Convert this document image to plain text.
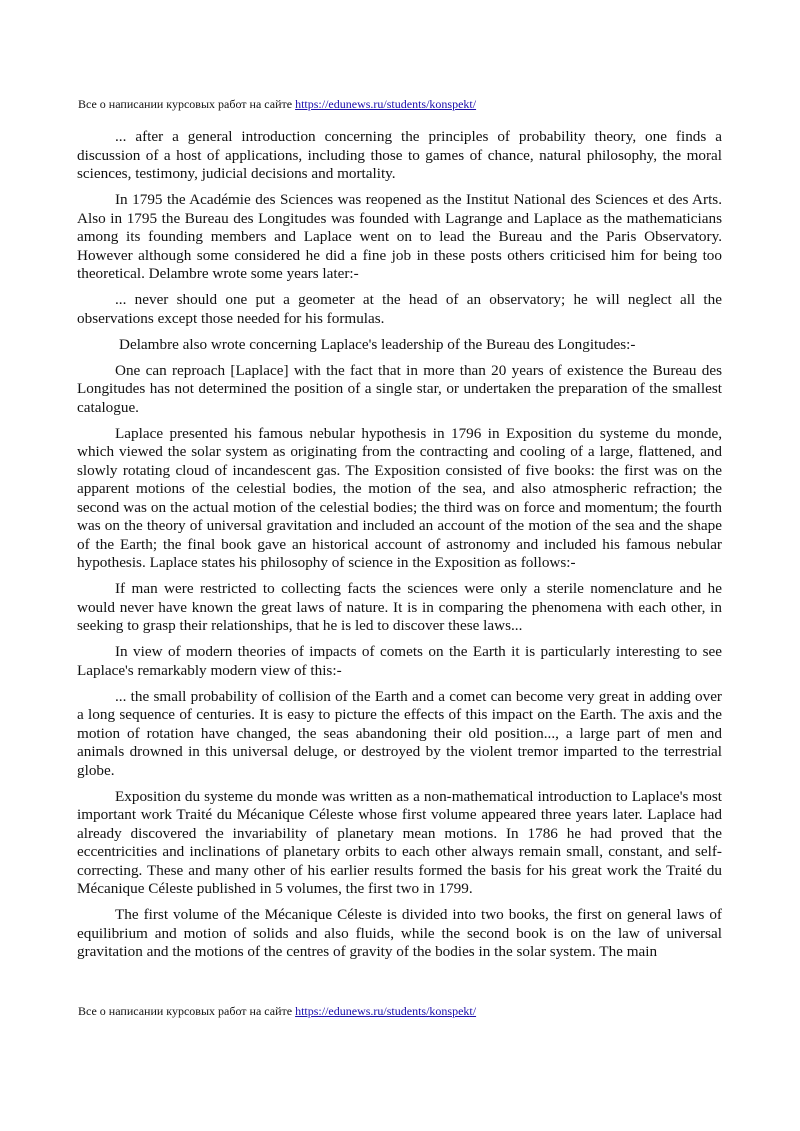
Все о написании курсовых работ на сайте https://edunews.ru/students/konspekt/

... after a general introduction concerning the principles of probability theory, one finds a discussion of a host of applications, including those to games of chance, natural philosophy, the moral sciences, testimony, judicial decisions and mortality.

In 1795 the Académie des Sciences was reopened as the Institut National des Sciences et des Arts. Also in 1795 the Bureau des Longitudes was founded with Lagrange and Laplace as the mathematicians among its founding members and Laplace went on to lead the Bureau and the Paris Observatory. However although some considered he did a fine job in these posts others criticised him for being too theoretical. Delambre wrote some years later:-

... never should one put a geometer at the head of an observatory; he will neglect all the observations except those needed for his formulas.

Delambre also wrote concerning Laplace's leadership of the Bureau des Longitudes:-

One can reproach [Laplace] with the fact that in more than 20 years of existence the Bureau des Longitudes has not determined the position of a single star, or undertaken the preparation of the smallest catalogue.

Laplace presented his famous nebular hypothesis in 1796 in Exposition du systeme du monde, which viewed the solar system as originating from the contracting and cooling of a large, flattened, and slowly rotating cloud of incandescent gas. The Exposition consisted of five books: the first was on the apparent motions of the celestial bodies, the motion of the sea, and also atmospheric refraction; the second was on the actual motion of the celestial bodies; the third was on force and momentum; the fourth was on the theory of universal gravitation and included an account of the motion of the sea and the shape of the Earth; the final book gave an historical account of astronomy and included his famous nebular hypothesis. Laplace states his philosophy of science in the Exposition as follows:-

If man were restricted to collecting facts the sciences were only a sterile nomenclature and he would never have known the great laws of nature. It is in comparing the phenomena with each other, in seeking to grasp their relationships, that he is led to discover these laws...

In view of modern theories of impacts of comets on the Earth it is particularly interesting to see Laplace's remarkably modern view of this:-

... the small probability of collision of the Earth and a comet can become very great in adding over a long sequence of centuries. It is easy to picture the effects of this impact on the Earth. The axis and the motion of rotation have changed, the seas abandoning their old position..., a large part of men and animals drowned in this universal deluge, or destroyed by the violent tremor imparted to the terrestrial globe.

Exposition du systeme du monde was written as a non-mathematical introduction to Laplace's most important work Traité du Mécanique Céleste whose first volume appeared three years later. Laplace had already discovered the invariability of planetary mean motions. In 1786 he had proved that the eccentricities and inclinations of planetary orbits to each other always remain small, constant, and self-correcting. These and many other of his earlier results formed the basis for his great work the Traité du Mécanique Céleste published in 5 volumes, the first two in 1799.

The first volume of the Mécanique Céleste is divided into two books, the first on general laws of equilibrium and motion of solids and also fluids, while the second book is on the law of universal gravitation and the motions of the centres of gravity of the bodies in the solar system. The main

Все о написании курсовых работ на сайте https://edunews.ru/students/konspekt/
